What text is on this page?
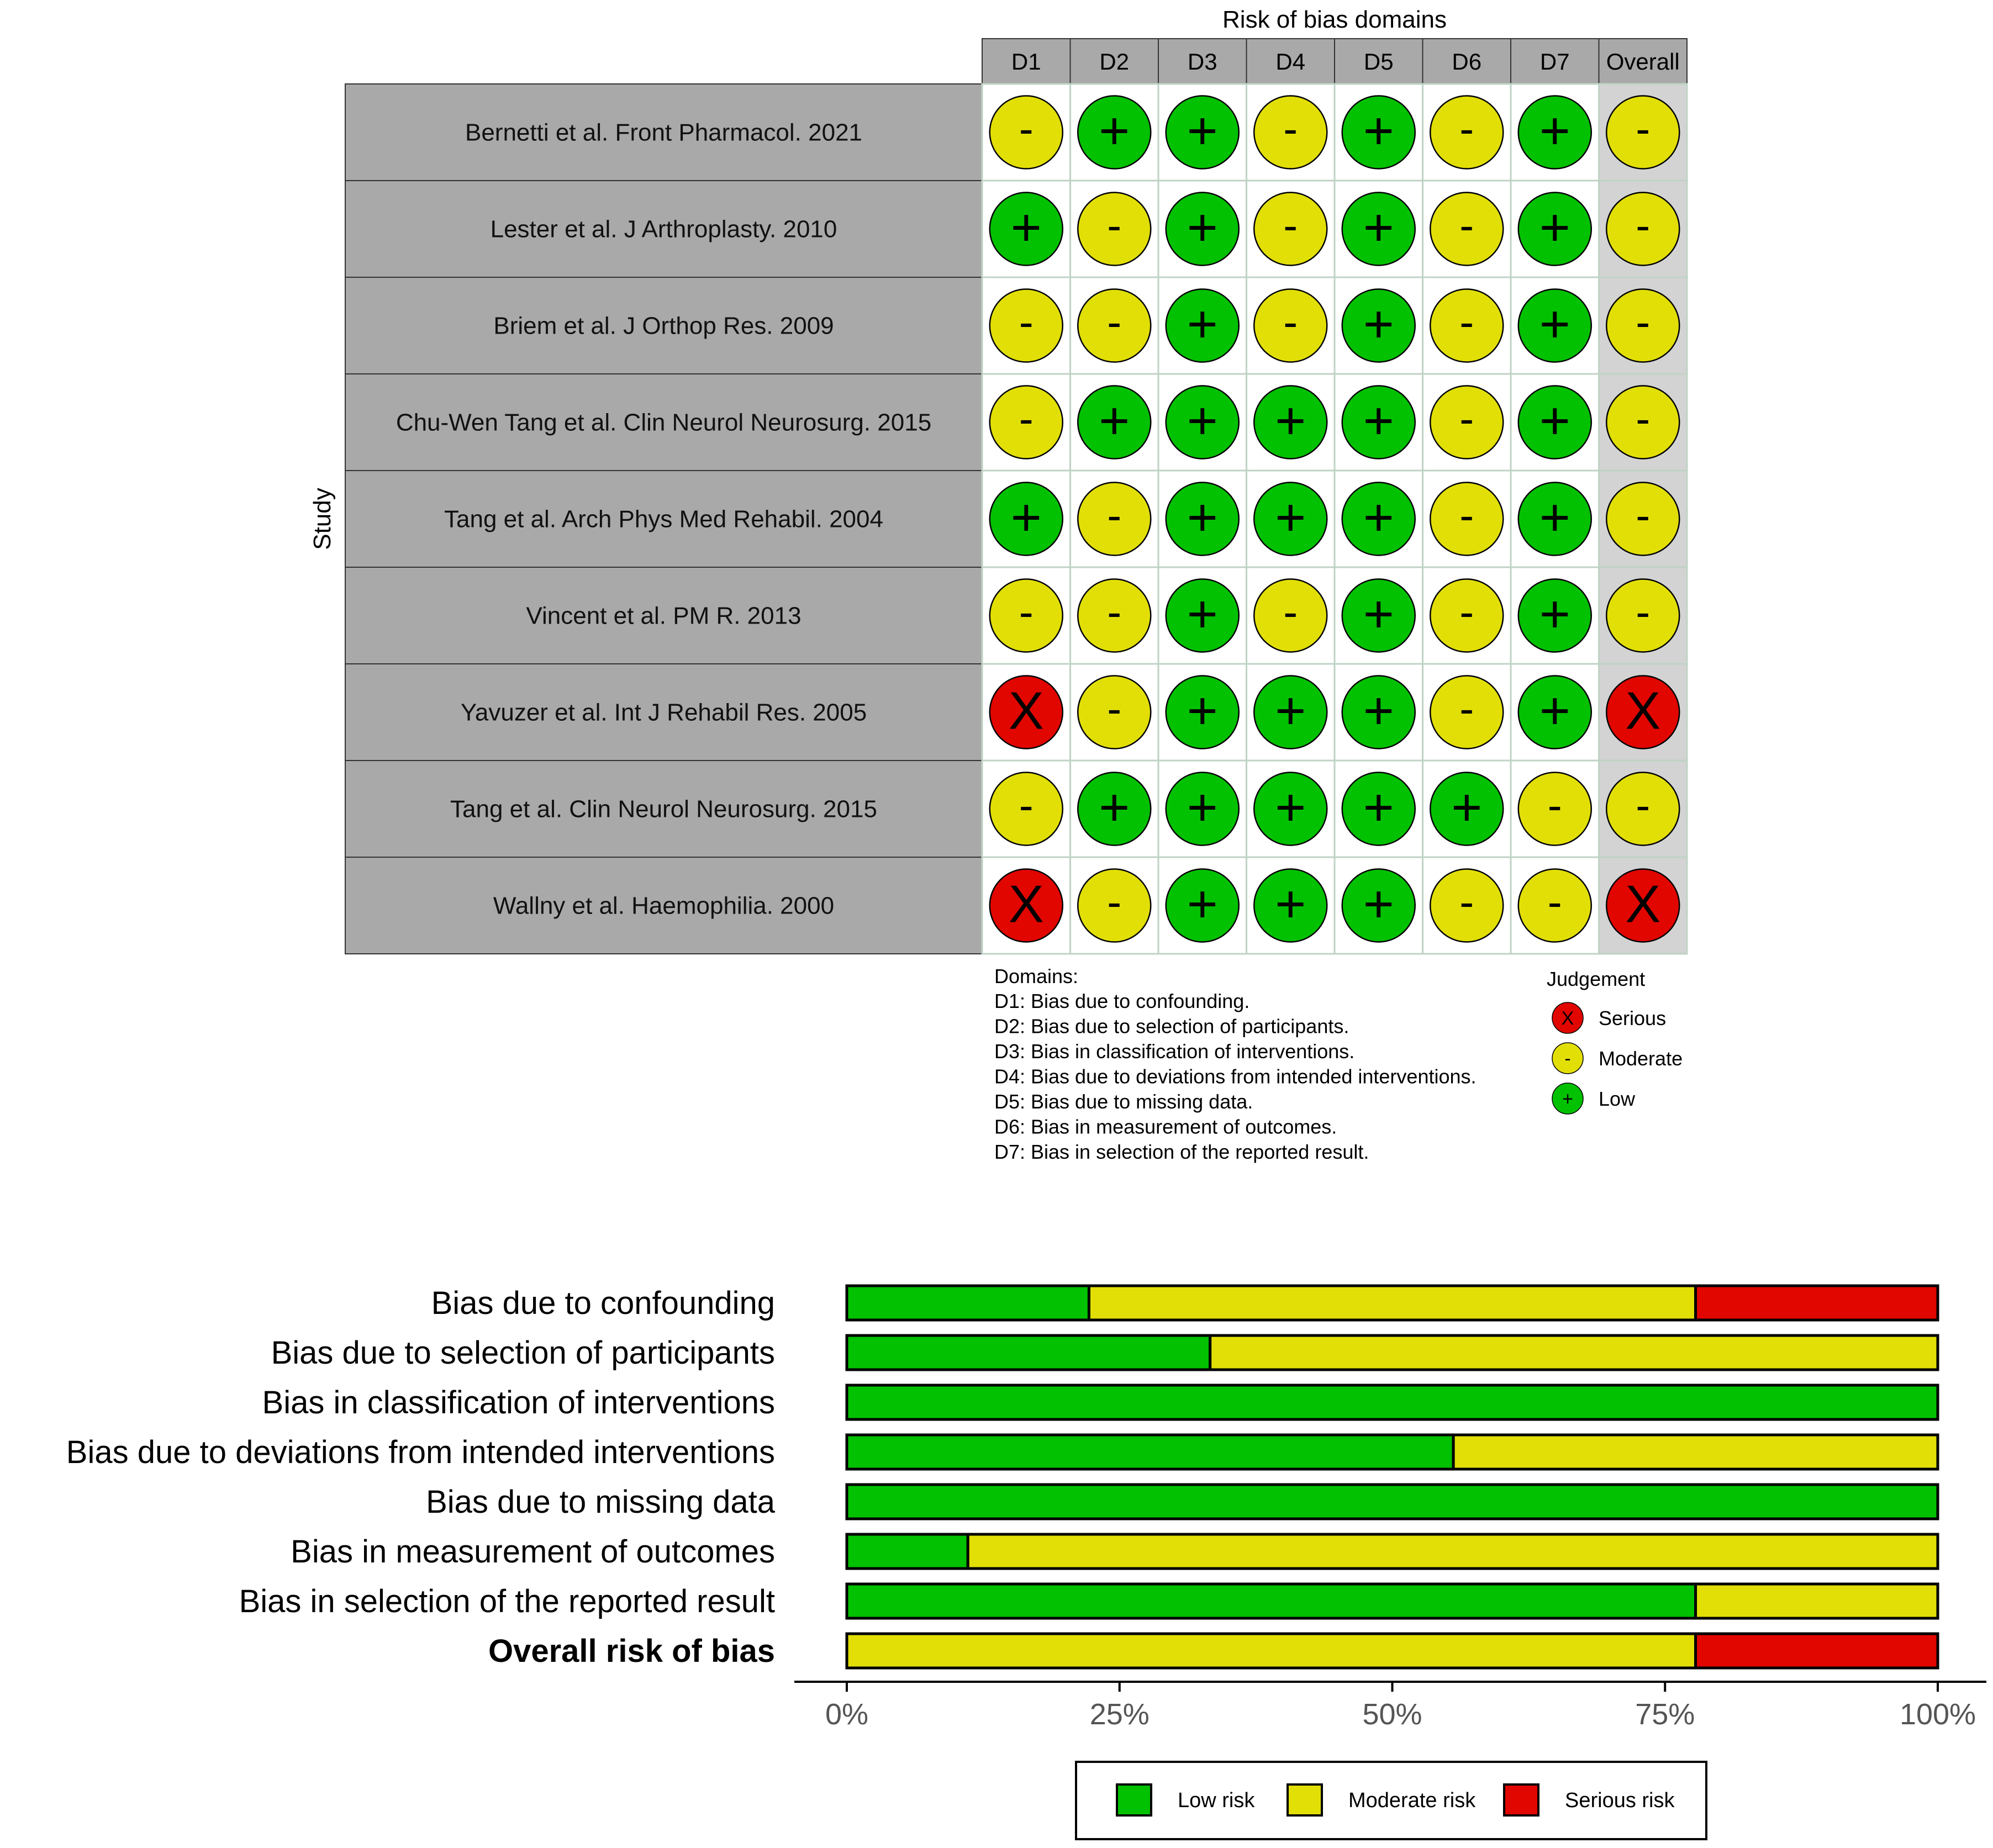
Risk of bias domains
D1	D2	D3	D4	D5	D6	D7 Overall
Bernetti et al. Front Pharmacol. 2021	- + + - + - + -
Lester et al. J Arthroplasty. 2010	+ - + - + - + -
Briem et al. J Orthop Res. 2009	- - + - + - + -
Chu-Wen Tang et al. Clin Neurol Neurosurg. 2015 - + + + + - + -
Tang et al. Arch Phys Med Rehabil. 2004 + - + + + - + -
Vincent et al. PM R. 2013	- - + - + - + -
Yavuzer et al. Int J Rehabil Res. 2005	X - + + + - + X
Tang et al. Clin Neurol Neurosurg. 2015	- + + + + + - -
Wallny et al. Haemophilia. 2000	X - + + + - - X
Study
Domains:
D1: Bias due to confounding.
D2: Bias due to selection of participants.
D3: Bias in classification of interventions.
D4: Bias due to deviations from intended interventions.
D5: Bias due to missing data.
D6: Bias in measurement of outcomes.
D7: Bias in selection of the reported result.
Judgement
X Serious
- Moderate
+ Low
Bias due to confounding
Bias due to selection of participants
Bias in classification of interventions
Bias due to deviations from intended interventions
Bias due to missing data
Bias in measurement of outcomes
Bias in selection of the reported result
Overall risk of bias
0%	25%	50%	75%	100%
Low risk	Moderate risk	Serious risk
